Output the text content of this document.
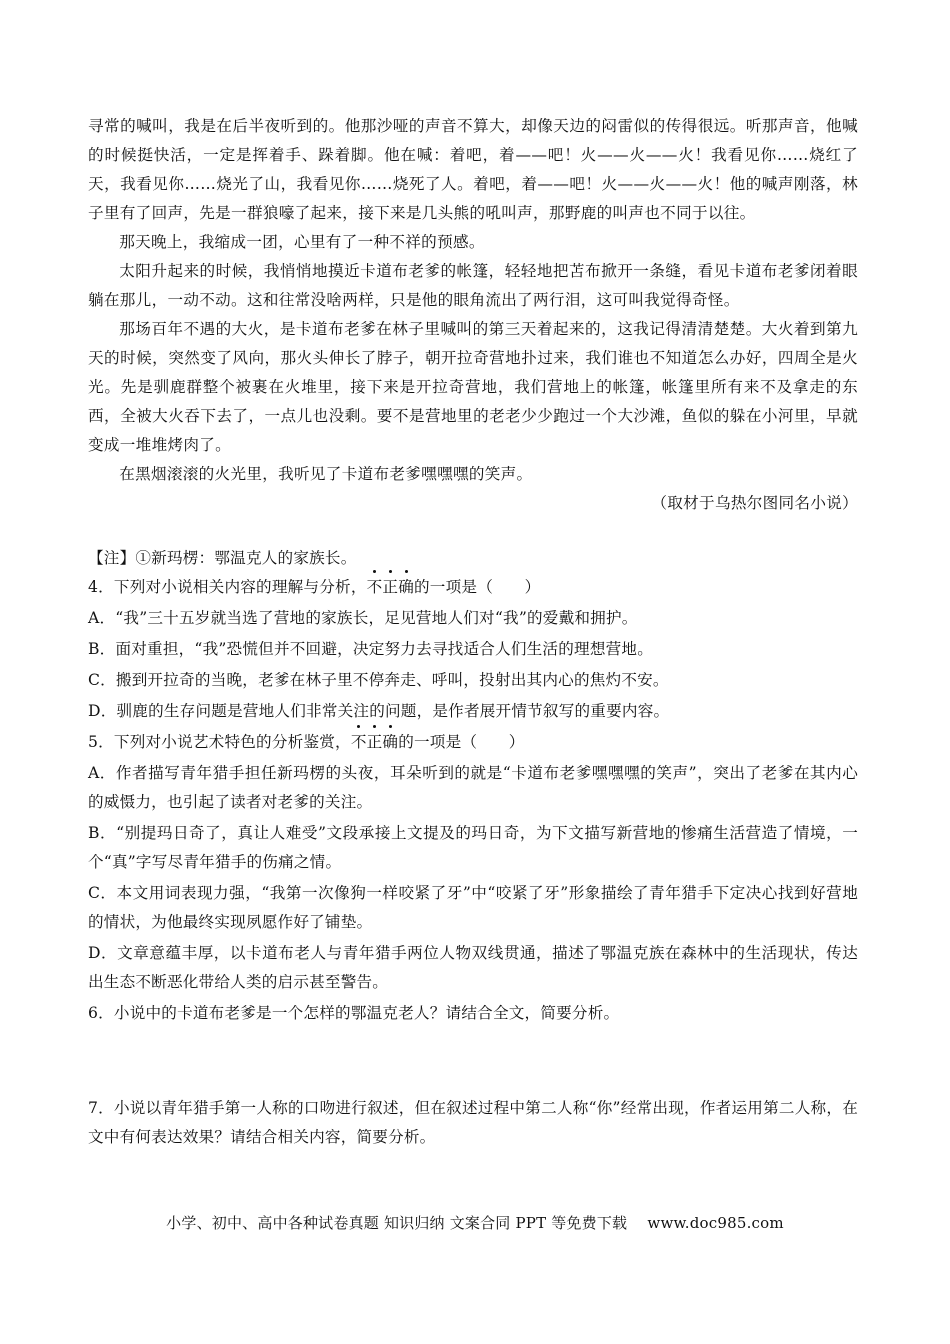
寻常的喊叫，我是在后半夜听到的。他那沙哑的声音不算大，却像天边的闷雷似的传得很远。听那声音，他喊的时候挺快活，一定是挥着手、跺着脚。他在喊：着吧，着——吧！火——火——火！我看见你……烧红了天，我看见你……烧光了山，我看见你……烧死了人。着吧，着——吧！火——火——火！他的喊声刚落，林子里有了回声，先是一群狼嚎了起来，接下来是几头熊的吼叫声，那野鹿的叫声也不同于以往。

那天晚上，我缩成一团，心里有了一种不祥的预感。

太阳升起来的时候，我悄悄地摸近卡道布老爹的帐篷，轻轻地把苫布掀开一条缝，看见卡道布老爹闭着眼躺在那儿，一动不动。这和往常没啥两样，只是他的眼角流出了两行泪，这可叫我觉得奇怪。

那场百年不遇的大火，是卡道布老爹在林子里喊叫的第三天着起来的，这我记得清清楚楚。大火着到第九天的时候，突然变了风向，那火头伸长了脖子，朝开拉奇营地扑过来，我们谁也不知道怎么办好，四周全是火光。先是驯鹿群整个被裹在火堆里，接下来是开拉奇营地，我们营地上的帐篷，帐篷里所有来不及拿走的东西，全被大火吞下去了，一点儿也没剩。要不是营地里的老老少少跑过一个大沙滩，鱼似的躲在小河里，早就变成一堆堆烤肉了。

在黑烟滚滚的火光里，我听见了卡道布老爹嘿嘿嘿的笑声。

（取材于乌热尔图同名小说）

【注】①新玛楞：鄂温克人的家族长。

4．下列对小说相关内容的理解与分析，不正确的一项是（　　）

A．“我”三十五岁就当选了营地的家族长，足见营地人们对“我”的爱戴和拥护。

B．面对重担，“我”恐慌但并不回避，决定努力去寻找适合人们生活的理想营地。

C．搬到开拉奇的当晚，老爹在林子里不停奔走、呼叫，投射出其内心的焦灼不安。

D．驯鹿的生存问题是营地人们非常关注的问题，是作者展开情节叙写的重要内容。

5．下列对小说艺术特色的分析鉴赏，不正确的一项是（　　）

A．作者描写青年猎手担任新玛楞的头夜，耳朵听到的就是“卡道布老爹嘿嘿嘿的笑声”，突出了老爹在其内心的威慑力，也引起了读者对老爹的关注。

B．“别提玛日奇了，真让人难受”文段承接上文提及的玛日奇，为下文描写新营地的惨痛生活营造了情境，一个“真”字写尽青年猎手的伤痛之情。

C．本文用词表现力强，“我第一次像狗一样咬紧了牙”中“咬紧了牙”形象描绘了青年猎手下定决心找到好营地的情状，为他最终实现夙愿作好了铺垫。

D．文章意蕴丰厚，以卡道布老人与青年猎手两位人物双线贯通，描述了鄂温克族在森林中的生活现状，传达出生态不断恶化带给人类的启示甚至警告。

6．小说中的卡道布老爹是一个怎样的鄂温克老人？请结合全文，简要分析。

7．小说以青年猎手第一人称的口吻进行叙述，但在叙述过程中第二人称“你”经常出现，作者运用第二人称，在文中有何表达效果？请结合相关内容，简要分析。

小学、初中、高中各种试卷真题 知识归纳 文案合同 PPT 等免费下载　 www.doc985.com
